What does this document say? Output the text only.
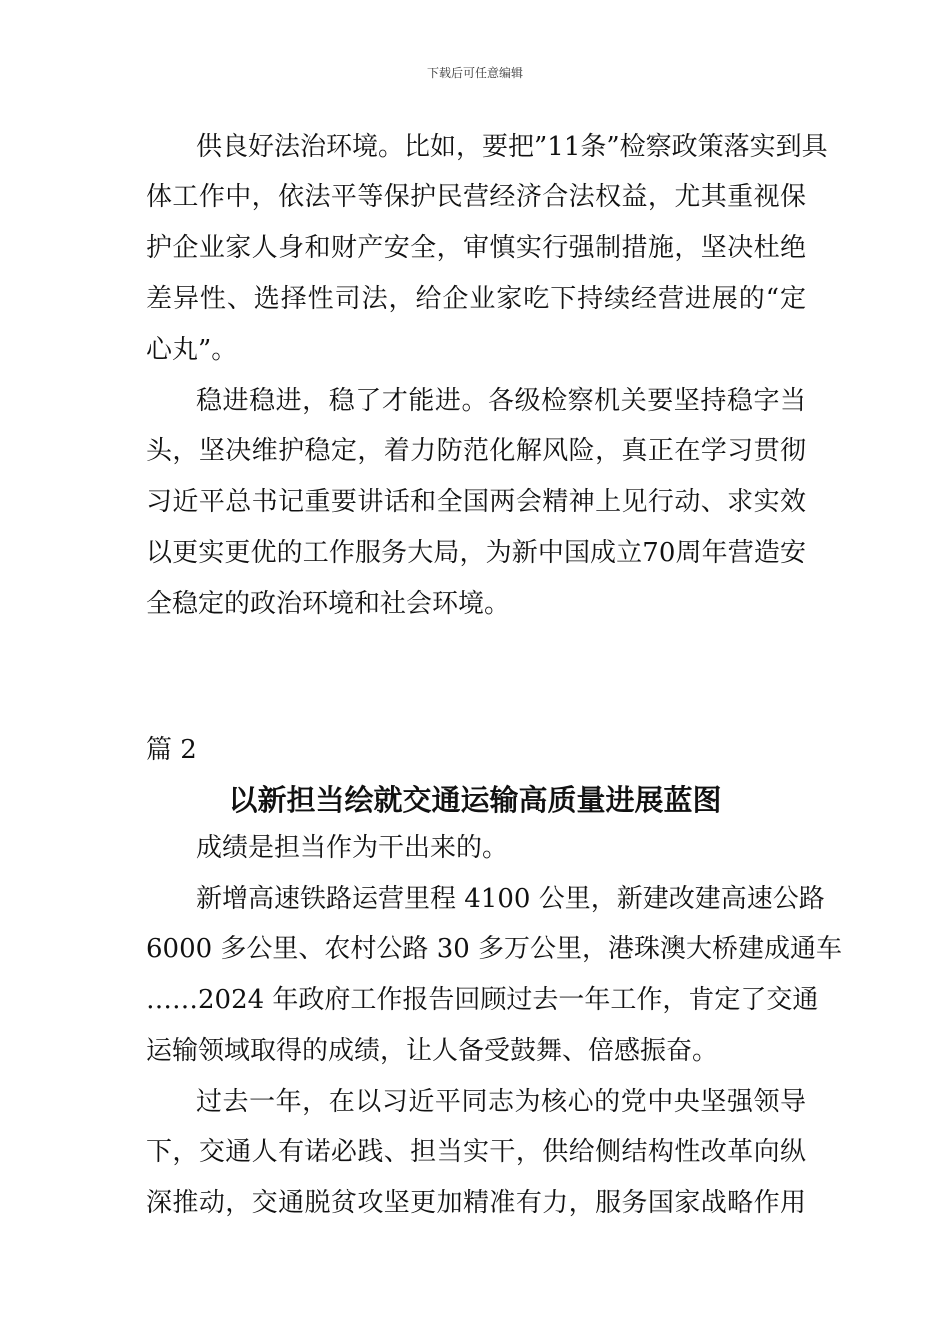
下载后可任意编辑
供良好法治环境。比如，要把”11条”检察政策落实到具
体工作中，依法平等保护民营经济合法权益，尤其重视保
护企业家人身和财产安全，审慎实行强制措施，坚决杜绝
差异性、选择性司法，给企业家吃下持续经营进展的“定
心丸”。
稳进稳进，稳了才能进。各级检察机关要坚持稳字当
头，坚决维护稳定，着力防范化解风险，真正在学习贯彻
习近平总书记重要讲话和全国两会精神上见行动、求实效
以更实更优的工作服务大局，为新中国成立70周年营造安
全稳定的政治环境和社会环境。
篇 2
以新担当绘就交通运输高质量进展蓝图
成绩是担当作为干出来的。
新增高速铁路运营里程 4100 公里，新建改建高速公路
6000 多公里、农村公路 30 多万公里，港珠澳大桥建成通车
……2024 年政府工作报告回顾过去一年工作，肯定了交通
运输领域取得的成绩，让人备受鼓舞、倍感振奋。
过去一年，在以习近平同志为核心的党中央坚强领导
下，交通人有诺必践、担当实干，供给侧结构性改革向纵
深推动，交通脱贫攻坚更加精准有力，服务国家战略作用
